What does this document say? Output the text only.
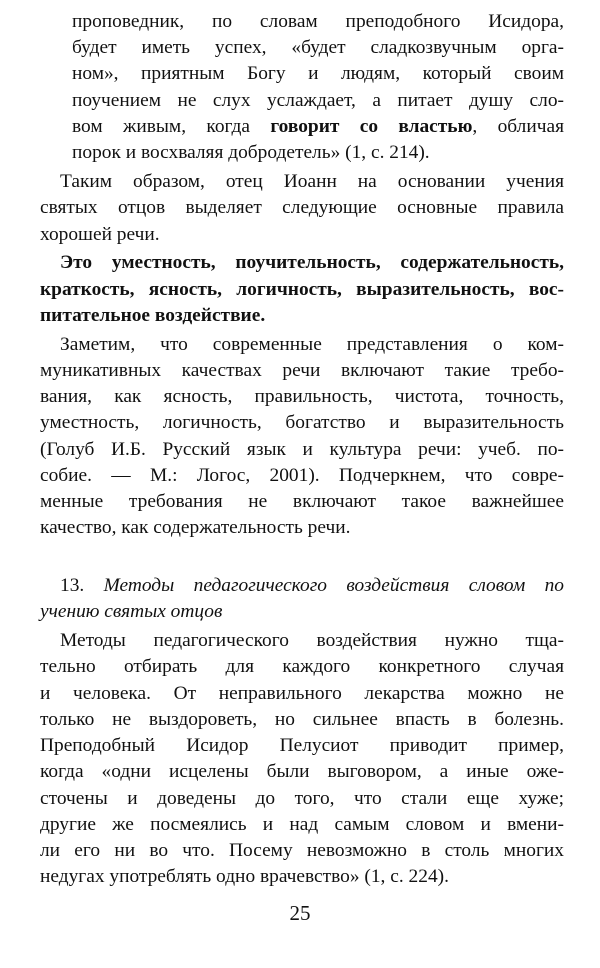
проповедник, по словам преподобного Исидора,
будет иметь успех, «будет сладкозвучным орга-
ном», приятным Богу и людям, который своим
поучением не слух услаждает, а питает душу сло-
вом живым, когда говорит со властью, обличая
порок и восхваляя добродетель» (1, с. 214).
Таким образом, отец Иоанн на основании учения
святых отцов выделяет следующие основные правила
хорошей речи.
Это уместность, поучительность, содержательность,
краткость, ясность, логичность, выразительность, вос-
питательное воздействие.
Заметим, что современные представления о ком-
муникативных качествах речи включают такие требо-
вания, как ясность, правильность, чистота, точность,
уместность, логичность, богатство и выразительность
(Голуб И.Б. Русский язык и культура речи: учеб. по-
собие. — М.: Логос, 2001). Подчеркнем, что совре-
менные требования не включают такое важнейшее
качество, как содержательность речи.
13. Методы педагогического воздействия словом по
учению святых отцов
Методы педагогического воздействия нужно тща-
тельно отбирать для каждого конкретного случая
и человека. От неправильного лекарства можно не
только не выздороветь, но сильнее впасть в болезнь.
Преподобный Исидор Пелусиот приводит пример,
когда «одни исцелены были выговором, а иные оже-
сточены и доведены до того, что стали еще хуже;
другие же посмеялись и над самым словом и вмени-
ли его ни во что. Посему невозможно в столь многих
недугах употреблять одно врачевство» (1, с. 224).
25
